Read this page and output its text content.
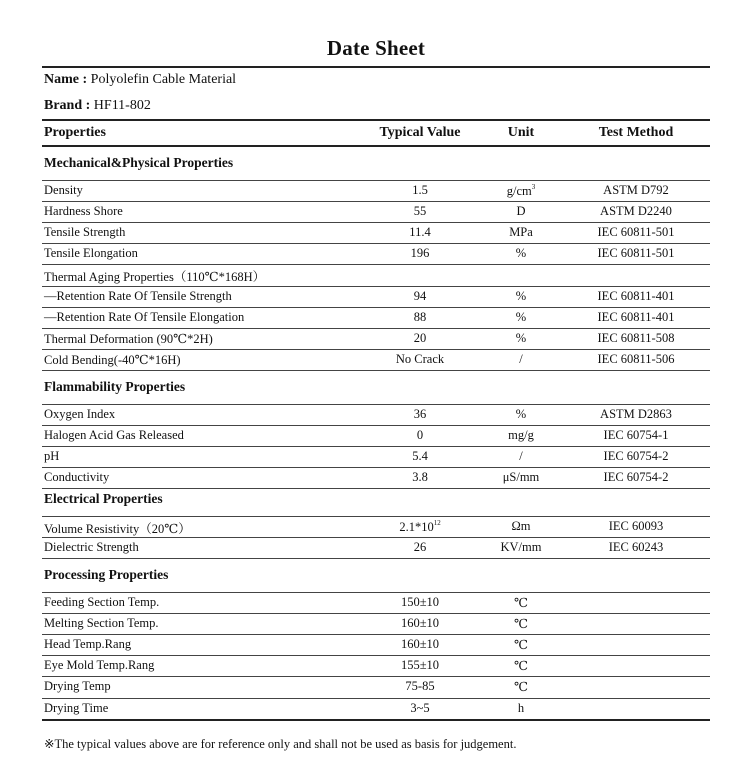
Date Sheet
Name : Polyolefin Cable Material
Brand : HF11-802
Properties	Typical Value	Unit	Test Method
Mechanical&Physical Properties
Density	1.5	$g/cm^3$	ASTM D792
Hardness Shore	55	D	ASTM D2240
Tensile Strength	11.4	MPa	IEC 60811-501
Tensile Elongation	196	%	IEC 60811-501
Thermal Aging Properties（110℃*168H）
—Retention Rate Of Tensile Strength	94	%	IEC 60811-401
—Retention Rate Of Tensile Elongation	88	%	IEC 60811-401
Thermal Deformation (90℃*2H)	20	%	IEC 60811-508
Cold Bending(-40℃*16H)	No Crack	/	IEC 60811-506
Flammability Properties
Oxygen Index	36	%	ASTM D2863
Halogen Acid Gas Released	0	mg/g	IEC 60754-1
pH	5.4	/	IEC 60754-2
Conductivity	3.8	μS/mm	IEC 60754-2
Electrical Properties
Volume Resistivity（20℃）	$2.1*10^{12}$	Ωm	IEC 60093
Dielectric Strength	26	KV/mm	IEC 60243
Processing Properties
Feeding Section Temp.	150±10	℃
Melting Section Temp.	160±10	℃
Head Temp.Rang	160±10	℃
Eye Mold Temp.Rang	155±10	℃
Drying Temp	75-85	℃
Drying Time	3~5	h
※The typical values above are for reference only and shall not be used as basis for judgement.
